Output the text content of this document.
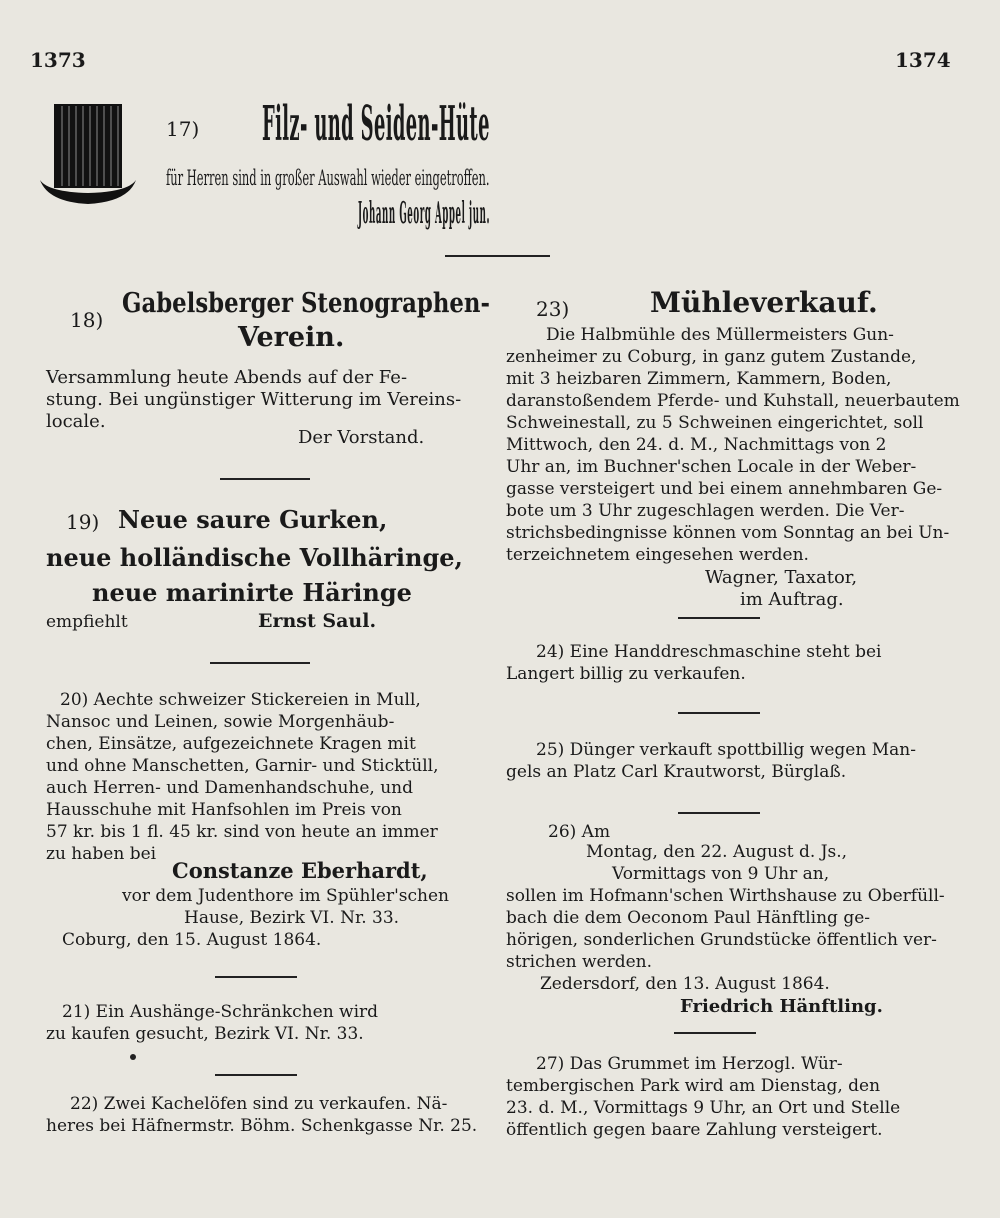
1373	1374
17) Filz- und Seiden-Hüte
für Herren sind in großer Auswahl wieder eingetroffen.
Johann Georg Appel jun.
18)
Gabelsberger Stenographen-
Verein.
Versammlung heute Abends auf der Fe-
stung. Bei ungünstiger Witterung im Vereins-
locale.
Der Vorstand.
19) Neue saure Gurken,
neue holländische Vollhäringe,
neue marinirte Häringe
empfiehlt	Ernst Saul.
20) Aechte schweizer Stickereien in Mull,
Nansoc und Leinen, sowie Morgenhäub-
chen, Einsätze, aufgezeichnete Kragen mit
und ohne Manschetten, Garnir- und Sticktüll,
auch Herren- und Damenhandschuhe, und
Hausschuhe mit Hanfsohlen im Preis von
57 kr. bis 1 fl. 45 kr. sind von heute an immer
zu haben bei
Constanze Eberhardt,
vor dem Judenthore im Spühler'schen
Hause, Bezirk VI. Nr. 33.
Coburg, den 15. August 1864.
21) Ein Aushänge-Schränkchen wird
zu kaufen gesucht, Bezirk VI. Nr. 33.
22) Zwei Kachelöfen sind zu verkaufen. Nä-
heres bei Häfnermstr. Böhm. Schenkgasse Nr. 25.
23)	Mühleverkauf.
Die Halbmühle des Müllermeisters Gun-
zenheimer zu Coburg, in ganz gutem Zustande,
mit 3 heizbaren Zimmern, Kammern, Boden,
daranstoßendem Pferde- und Kuhstall, neuerbautem
Schweinestall, zu 5 Schweinen eingerichtet, soll
Mittwoch, den 24. d. M., Nachmittags von 2
Uhr an, im Buchner'schen Locale in der Weber-
gasse versteigert und bei einem annehmbaren Ge-
bote um 3 Uhr zugeschlagen werden. Die Ver-
strichsbedingnisse können vom Sonntag an bei Un-
terzeichnetem eingesehen werden.
Wagner, Taxator,
im Auftrag.
24) Eine Handdreschmaschine steht bei
Langert billig zu verkaufen.
25) Dünger verkauft spottbillig wegen Man-
gels an Platz Carl Krautworst, Bürglaß.
26) Am
Montag, den 22. August d. Js.,
Vormittags von 9 Uhr an,
sollen im Hofmann'schen Wirthshause zu Oberfüll-
bach die dem Oeconom Paul Hänftling ge-
hörigen, sonderlichen Grundstücke öffentlich ver-
strichen werden.
Zedersdorf, den 13. August 1864.
Friedrich Hänftling.
27) Das Grummet im Herzogl. Wür-
tembergischen Park wird am Dienstag, den
23. d. M., Vormittags 9 Uhr, an Ort und Stelle
öffentlich gegen baare Zahlung versteigert.
